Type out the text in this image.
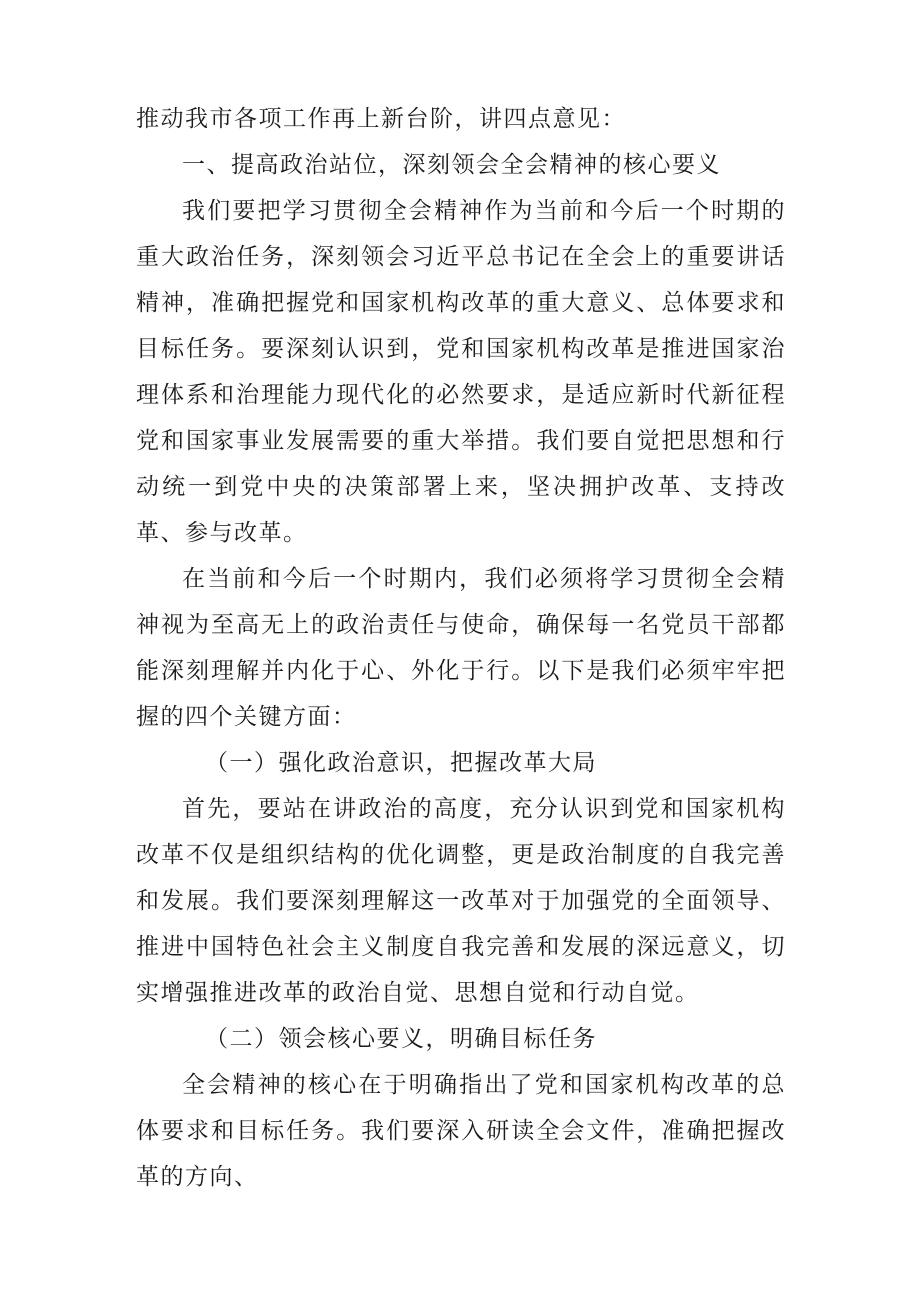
推动我市各项工作再上新台阶，讲四点意见：

一、提高政治站位，深刻领会全会精神的核心要义

我们要把学习贯彻全会精神作为当前和今后一个时期的重大政治任务，深刻领会习近平总书记在全会上的重要讲话精神，准确把握党和国家机构改革的重大意义、总体要求和目标任务。要深刻认识到，党和国家机构改革是推进国家治理体系和治理能力现代化的必然要求，是适应新时代新征程党和国家事业发展需要的重大举措。我们要自觉把思想和行动统一到党中央的决策部署上来，坚决拥护改革、支持改革、参与改革。

在当前和今后一个时期内，我们必须将学习贯彻全会精神视为至高无上的政治责任与使命，确保每一名党员干部都能深刻理解并内化于心、外化于行。以下是我们必须牢牢把握的四个关键方面：

（一）强化政治意识，把握改革大局

首先，要站在讲政治的高度，充分认识到党和国家机构改革不仅是组织结构的优化调整，更是政治制度的自我完善和发展。我们要深刻理解这一改革对于加强党的全面领导、推进中国特色社会主义制度自我完善和发展的深远意义，切实增强推进改革的政治自觉、思想自觉和行动自觉。

（二）领会核心要义，明确目标任务

全会精神的核心在于明确指出了党和国家机构改革的总体要求和目标任务。我们要深入研读全会文件，准确把握改革的方向、
